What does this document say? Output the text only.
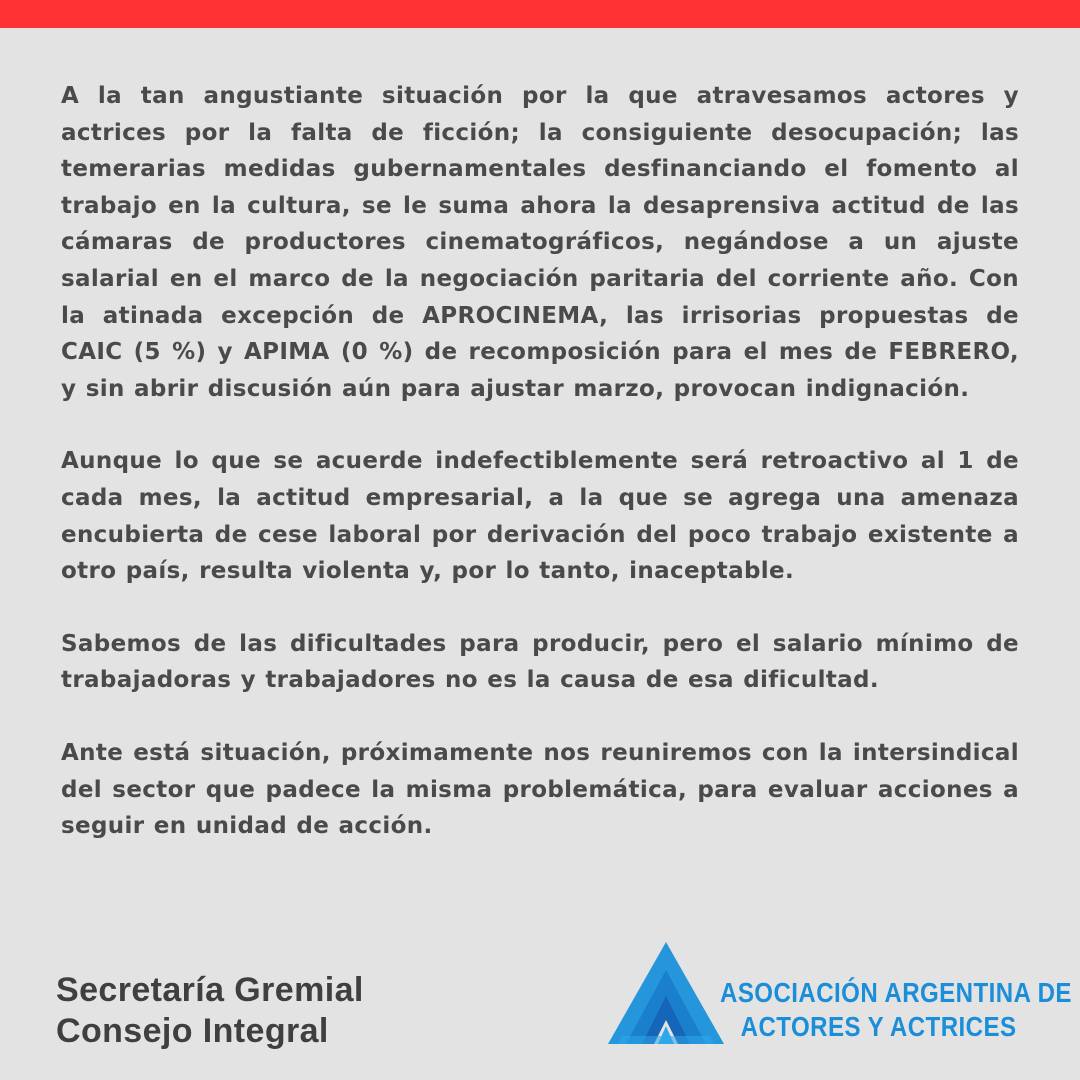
A la tan angustiante situación por la que atravesamos actores y actrices por la falta de ficción; la consiguiente desocupación; las temerarias medidas gubernamentales desfinanciando el fomento al trabajo en la cultura, se le suma ahora la desaprensiva actitud de las cámaras de productores cinematográficos, negándose a un ajuste salarial en el marco de la negociación paritaria del corriente año. Con la atinada excepción de APROCINEMA, las irrisorias propuestas de CAIC (5 %) y APIMA (0 %) de recomposición para el mes de FEBRERO, y sin abrir discusión aún para ajustar marzo, provocan indignación.

Aunque lo que se acuerde indefectiblemente será retroactivo al 1 de cada mes, la actitud empresarial, a la que se agrega una amenaza encubierta de cese laboral por derivación del poco trabajo existente a otro país, resulta violenta y, por lo tanto, inaceptable.

Sabemos de las dificultades para producir, pero el salario mínimo de trabajadoras y trabajadores no es la causa de esa dificultad.

Ante está situación, próximamente nos reuniremos con la intersindical del sector que padece la misma problemática, para evaluar acciones a seguir en unidad de acción.

Secretaría Gremial
Consejo Integral
ASOCIACIÓN ARGENTINA DE
ACTORES Y ACTRICES
